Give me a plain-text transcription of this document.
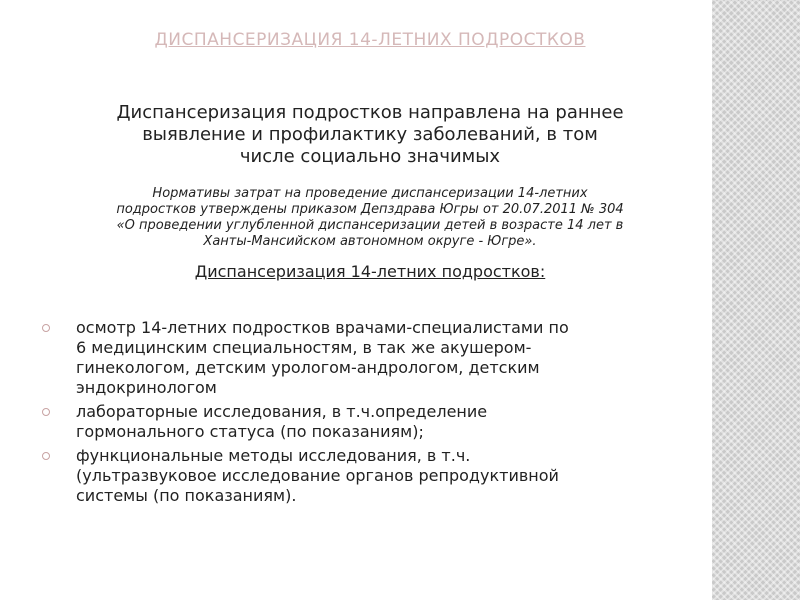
ДИСПАНСЕРИЗАЦИЯ 14-ЛЕТНИХ ПОДРОСТКОВ
Диспансеризация подростков направлена на раннее
выявление и профилактику заболеваний, в том
числе социально значимых
Нормативы затрат на проведение диспансеризации 14-летних
подростков утверждены приказом Депздрава Югры от 20.07.2011 № 304
«О проведении углубленной диспансеризации детей в возрасте 14 лет в
Ханты-Мансийском автономном округе - Югре».
Диспансеризация 14-летних подростков:
осмотр 14-летних подростков врачами-специалистами по
6 медицинским специальностям, в так же акушером-
гинекологом, детским урологом-андрологом, детским
эндокринологом
лабораторные исследования, в т.ч.определение
гормонального статуса (по показаниям);
функциональные методы исследования, в т.ч.
(ультразвуковое исследование органов репродуктивной
системы (по показаниям).
